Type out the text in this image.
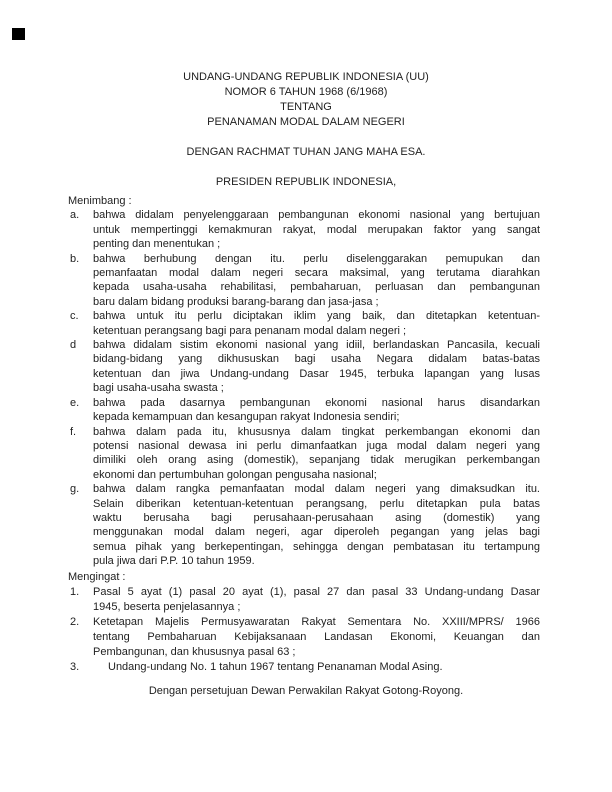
UNDANG-UNDANG REPUBLIK INDONESIA (UU)
NOMOR 6 TAHUN 1968 (6/1968)
TENTANG
PENANAMAN MODAL DALAM NEGERI
DENGAN RACHMAT TUHAN JANG MAHA ESA.
PRESIDEN REPUBLIK INDONESIA,
Menimbang :
a. bahwa didalam penyelenggaraan pembangunan ekonomi nasional yang bertujuan
untuk mempertinggi kemakmuran rakyat, modal merupakan faktor yang sangat
penting dan menentukan ;
b. bahwa berhubung dengan itu. perlu diselenggarakan pemupukan dan
pemanfaatan modal dalam negeri secara maksimal, yang terutama diarahkan
kepada usaha-usaha rehabilitasi, pembaharuan, perluasan dan pembangunan
baru dalam bidang produksi barang-barang dan jasa-jasa ;
c. bahwa untuk itu perlu diciptakan iklim yang baik, dan ditetapkan ketentuan-
ketentuan perangsang bagi para penanam modal dalam negeri ;
d bahwa didalam sistim ekonomi nasional yang idiil, berlandaskan Pancasila, kecuali
bidang-bidang yang dikhususkan bagi usaha Negara didalam batas-batas
ketentuan dan jiwa Undang-undang Dasar 1945, terbuka lapangan yang lusas
bagi usaha-usaha swasta ;
e. bahwa pada dasarnya pembangunan ekonomi nasional harus disandarkan
kepada kemampuan dan kesangupan rakyat Indonesia sendiri;
f. bahwa dalam pada itu, khususnya dalam tingkat perkembangan ekonomi dan
potensi nasional dewasa ini perlu dimanfaatkan juga modal dalam negeri yang
dimiliki oleh orang asing (domestik), sepanjang tidak merugikan perkembangan
ekonomi dan pertumbuhan golongan pengusaha nasional;
g. bahwa dalam rangka pemanfaatan modal dalam negeri yang dimaksudkan itu.
Selain diberikan ketentuan-ketentuan perangsang, perlu ditetapkan pula batas
waktu berusaha bagi perusahaan-perusahaan asing (domestik) yang
menggunakan modal dalam negeri, agar diperoleh pegangan yang jelas bagi
semua pihak yang berkepentingan, sehingga dengan pembatasan itu tertampung
pula jiwa dari P.P. 10 tahun 1959.
Mengingat :
1. Pasal 5 ayat (1) pasal 20 ayat (1), pasal 27 dan pasal 33 Undang-undang Dasar
1945, beserta penjelasannya ;
2. Ketetapan Majelis Permusyawaratan Rakyat Sementara No. XXIII/MPRS/ 1966
tentang Pembaharuan Kebijaksanaan Landasan Ekonomi, Keuangan dan
Pembangunan, dan khususnya pasal 63 ;
3.	Undang-undang No. 1 tahun 1967 tentang Penanaman Modal Asing.
Dengan persetujuan Dewan Perwakilan Rakyat Gotong-Royong.
